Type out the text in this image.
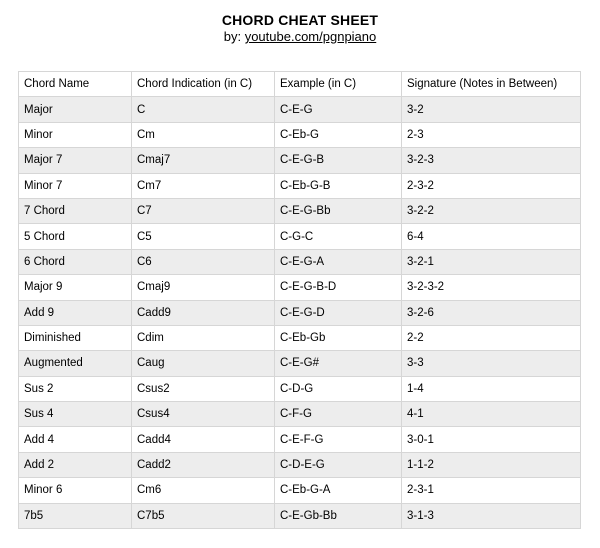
CHORD CHEAT SHEET
by: youtube.com/pgnpiano
Chord Name	Chord Indication (in C)	Example (in C)	Signature (Notes in Between)
Major	C	C-E-G	3-2
Minor	Cm	C-Eb-G	2-3
Major 7	Cmaj7	C-E-G-B	3-2-3
Minor 7	Cm7	C-Eb-G-B	2-3-2
7 Chord	C7	C-E-G-Bb	3-2-2
5 Chord	C5	C-G-C	6-4
6 Chord	C6	C-E-G-A	3-2-1
Major 9	Cmaj9	C-E-G-B-D	3-2-3-2
Add 9	Cadd9	C-E-G-D	3-2-6
Diminished	Cdim	C-Eb-Gb	2-2
Augmented	Caug	C-E-G#	3-3
Sus 2	Csus2	C-D-G	1-4
Sus 4	Csus4	C-F-G	4-1
Add 4	Cadd4	C-E-F-G	3-0-1
Add 2	Cadd2	C-D-E-G	1-1-2
Minor 6	Cm6	C-Eb-G-A	2-3-1
7b5	C7b5	C-E-Gb-Bb	3-1-3
